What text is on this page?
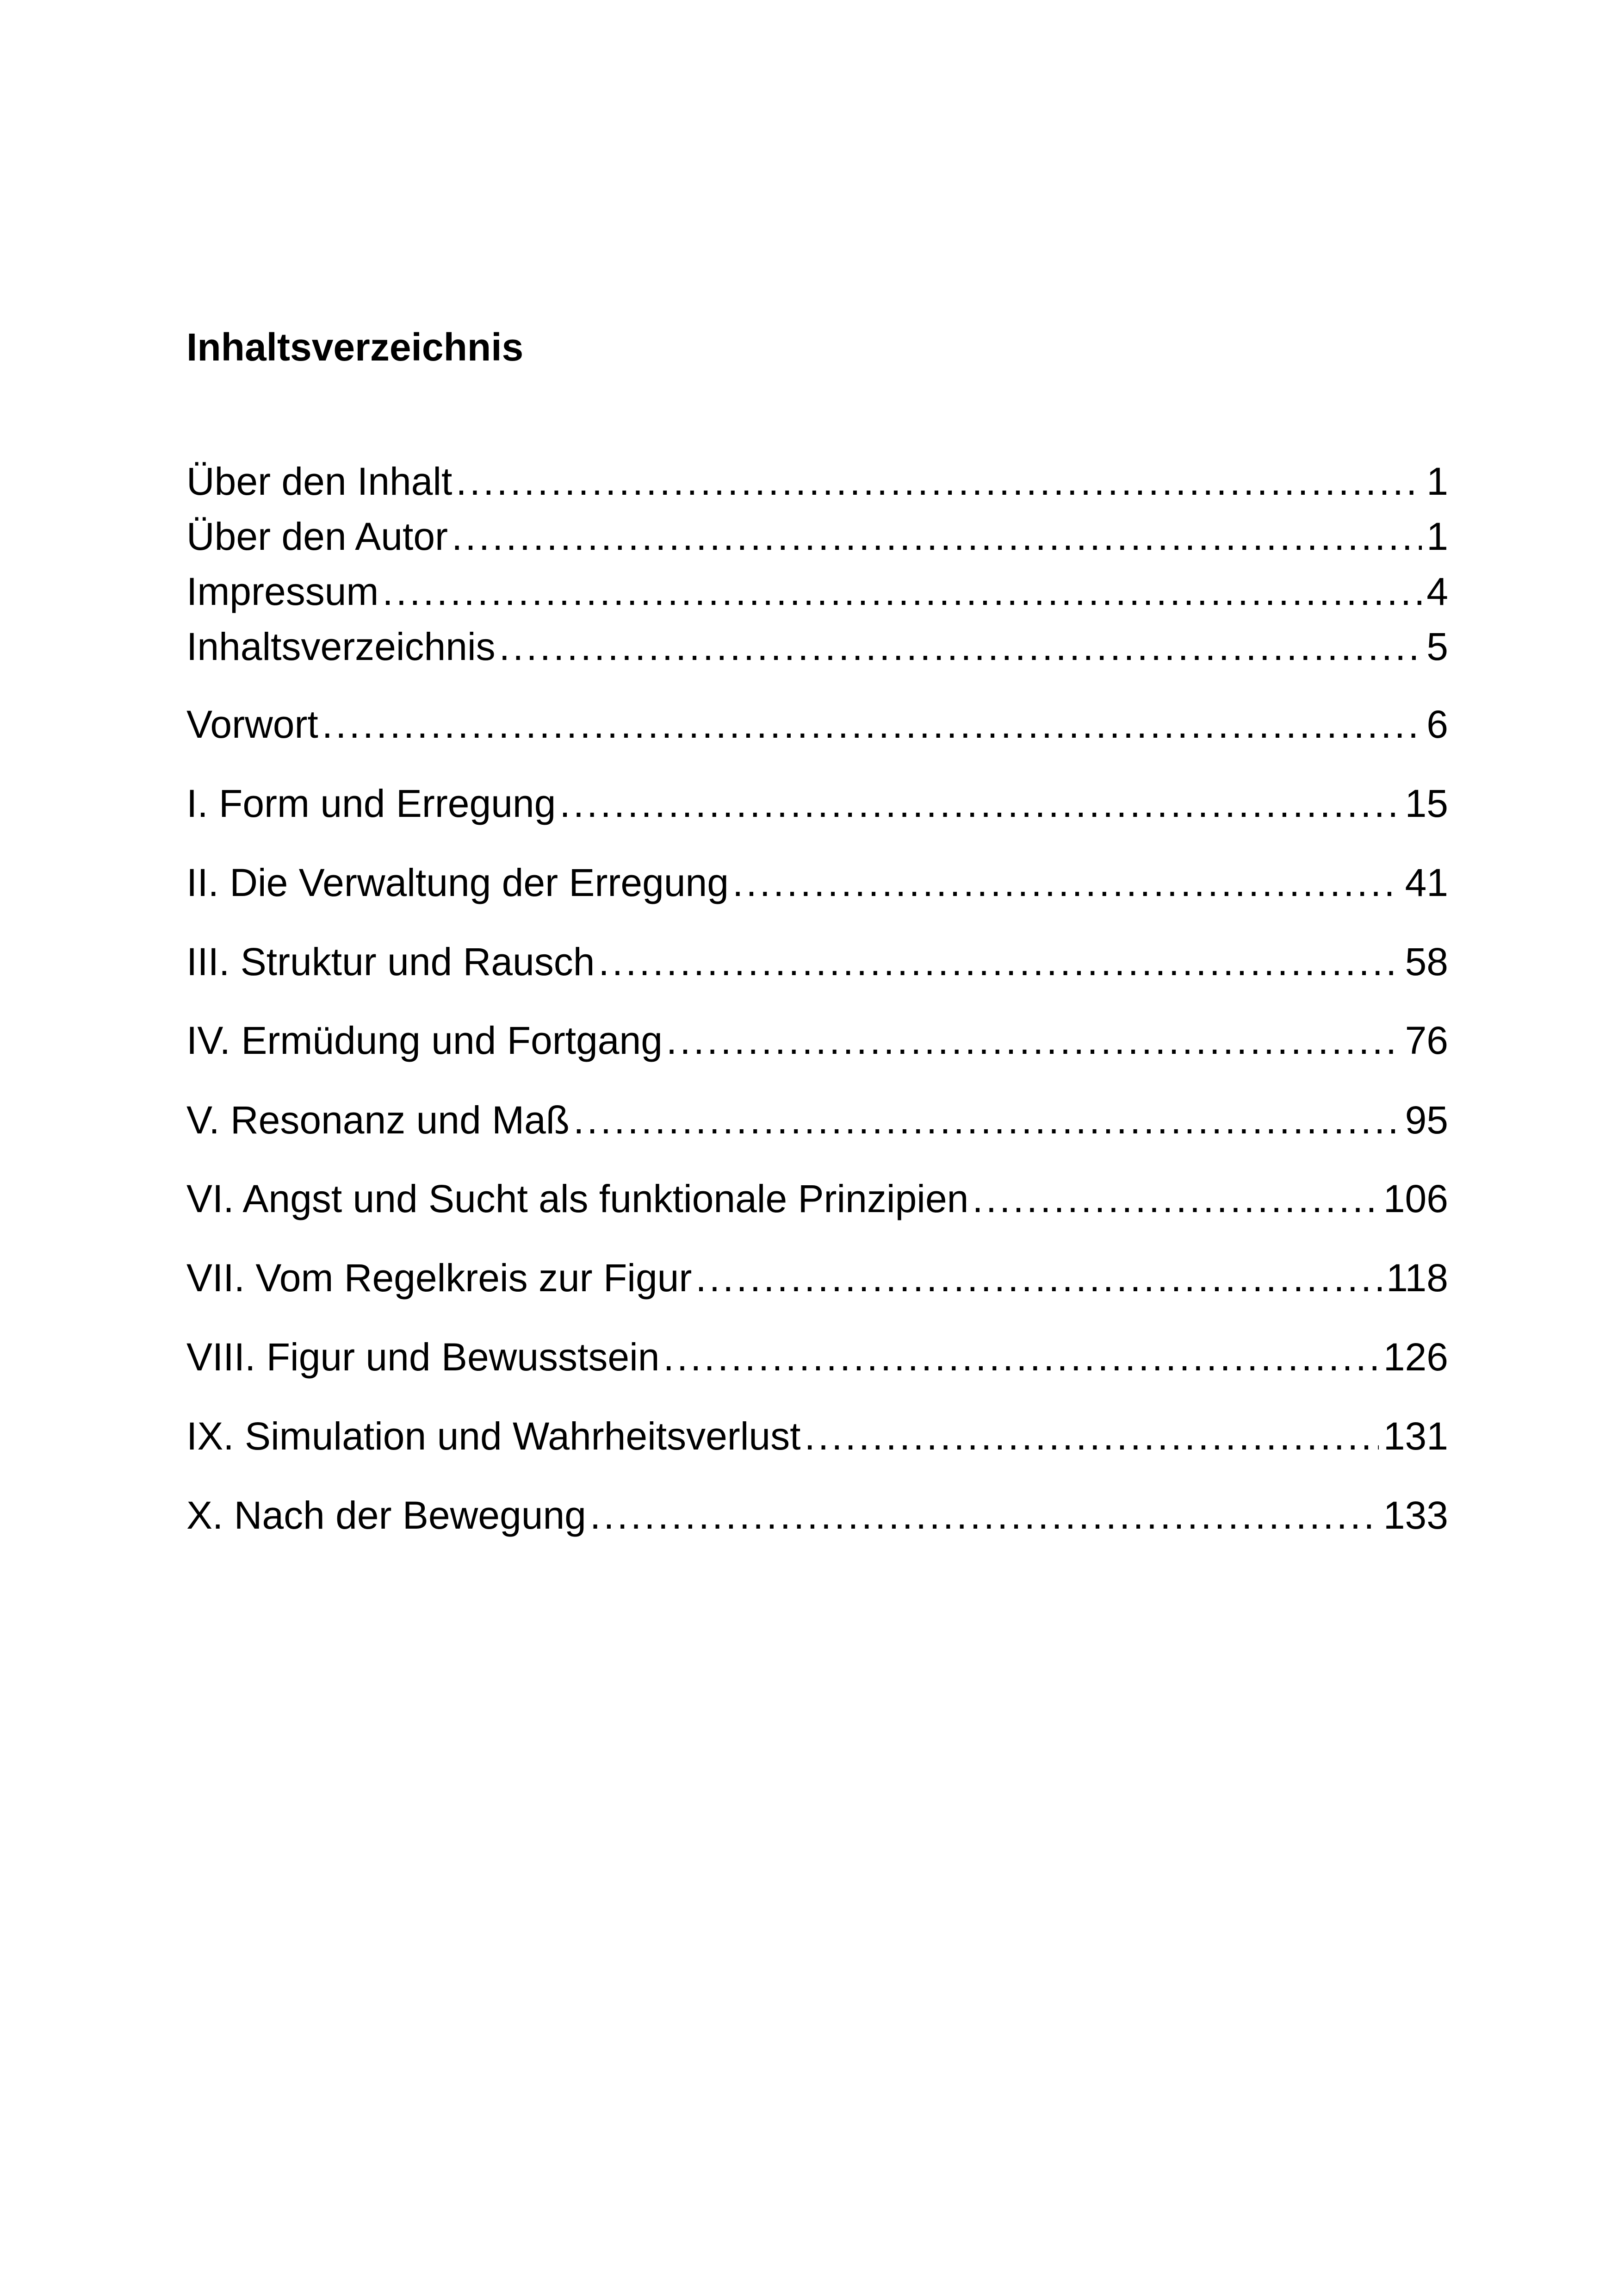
Inhaltsverzeichnis
Über den Inhalt .....	1
Über den Autor .....	1
Impressum .....	4
Inhaltsverzeichnis .....	5
Vorwort .....	6
I. Form und Erregung .....	15
II. Die Verwaltung der Erregung .....	41
III. Struktur und Rausch .....	58
IV. Ermüdung und Fortgang .....	76
V. Resonanz und Maß .....	95
VI. Angst und Sucht als funktionale Prinzipien .....	106
VII. Vom Regelkreis zur Figur .....	118
VIII. Figur und Bewusstsein .....	126
IX. Simulation und Wahrheitsverlust .....	131
X. Nach der Bewegung .....	133
